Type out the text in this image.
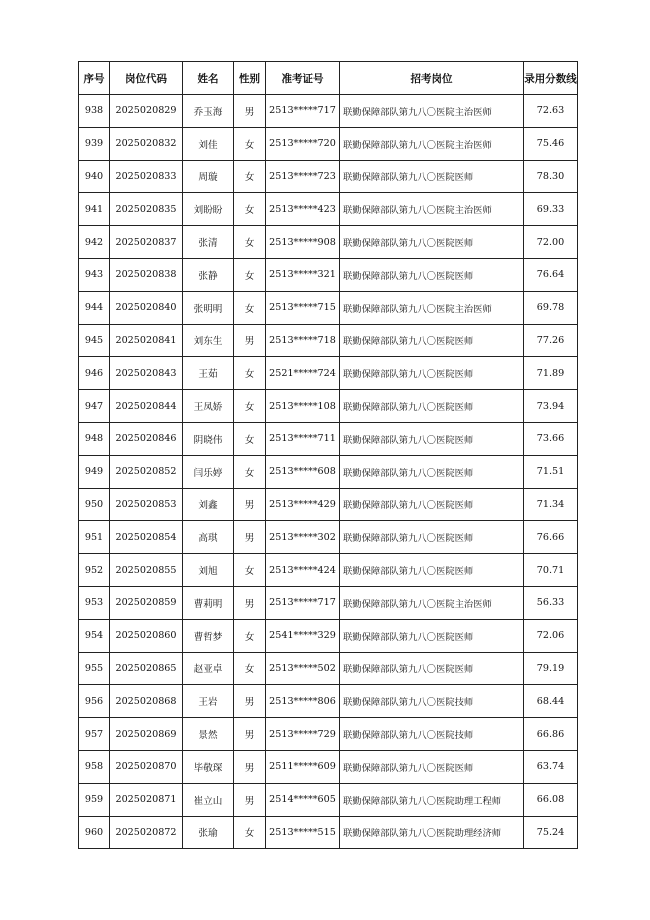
序号	岗位代码	姓名	性别	准考证号	招考岗位	录用分数线
938	2025020829	乔玉海	男	2513*****717	联勤保障部队第九八〇医院主治医师	72.63
939	2025020832	刘佳	女	2513*****720	联勤保障部队第九八〇医院主治医师	75.46
940	2025020833	周璇	女	2513*****723	联勤保障部队第九八〇医院医师	78.30
941	2025020835	刘盼盼	女	2513*****423	联勤保障部队第九八〇医院主治医师	69.33
942	2025020837	张清	女	2513*****908	联勤保障部队第九八〇医院医师	72.00
943	2025020838	张静	女	2513*****321	联勤保障部队第九八〇医院医师	76.64
944	2025020840	张明明	女	2513*****715	联勤保障部队第九八〇医院主治医师	69.78
945	2025020841	刘东生	男	2513*****718	联勤保障部队第九八〇医院医师	77.26
946	2025020843	王茹	女	2521*****724	联勤保障部队第九八〇医院医师	71.89
947	2025020844	王凤娇	女	2513*****108	联勤保障部队第九八〇医院医师	73.94
948	2025020846	阴晓伟	女	2513*****711	联勤保障部队第九八〇医院医师	73.66
949	2025020852	闫乐婷	女	2513*****608	联勤保障部队第九八〇医院医师	71.51
950	2025020853	刘鑫	男	2513*****429	联勤保障部队第九八〇医院医师	71.34
951	2025020854	高琪	男	2513*****302	联勤保障部队第九八〇医院医师	76.66
952	2025020855	刘旭	女	2513*****424	联勤保障部队第九八〇医院医师	70.71
953	2025020859	曹莉明	男	2513*****717	联勤保障部队第九八〇医院主治医师	56.33
954	2025020860	曹哲梦	女	2541*****329	联勤保障部队第九八〇医院医师	72.06
955	2025020865	赵亚卓	女	2513*****502	联勤保障部队第九八〇医院医师	79.19
956	2025020868	王岩	男	2513*****806	联勤保障部队第九八〇医院技师	68.44
957	2025020869	景然	男	2513*****729	联勤保障部队第九八〇医院技师	66.86
958	2025020870	毕敬琛	男	2511*****609	联勤保障部队第九八〇医院医师	63.74
959	2025020871	崔立山	男	2514*****605	联勤保障部队第九八〇医院助理工程师	66.08
960	2025020872	张瑜	女	2513*****515	联勤保障部队第九八〇医院助理经济师	75.24
